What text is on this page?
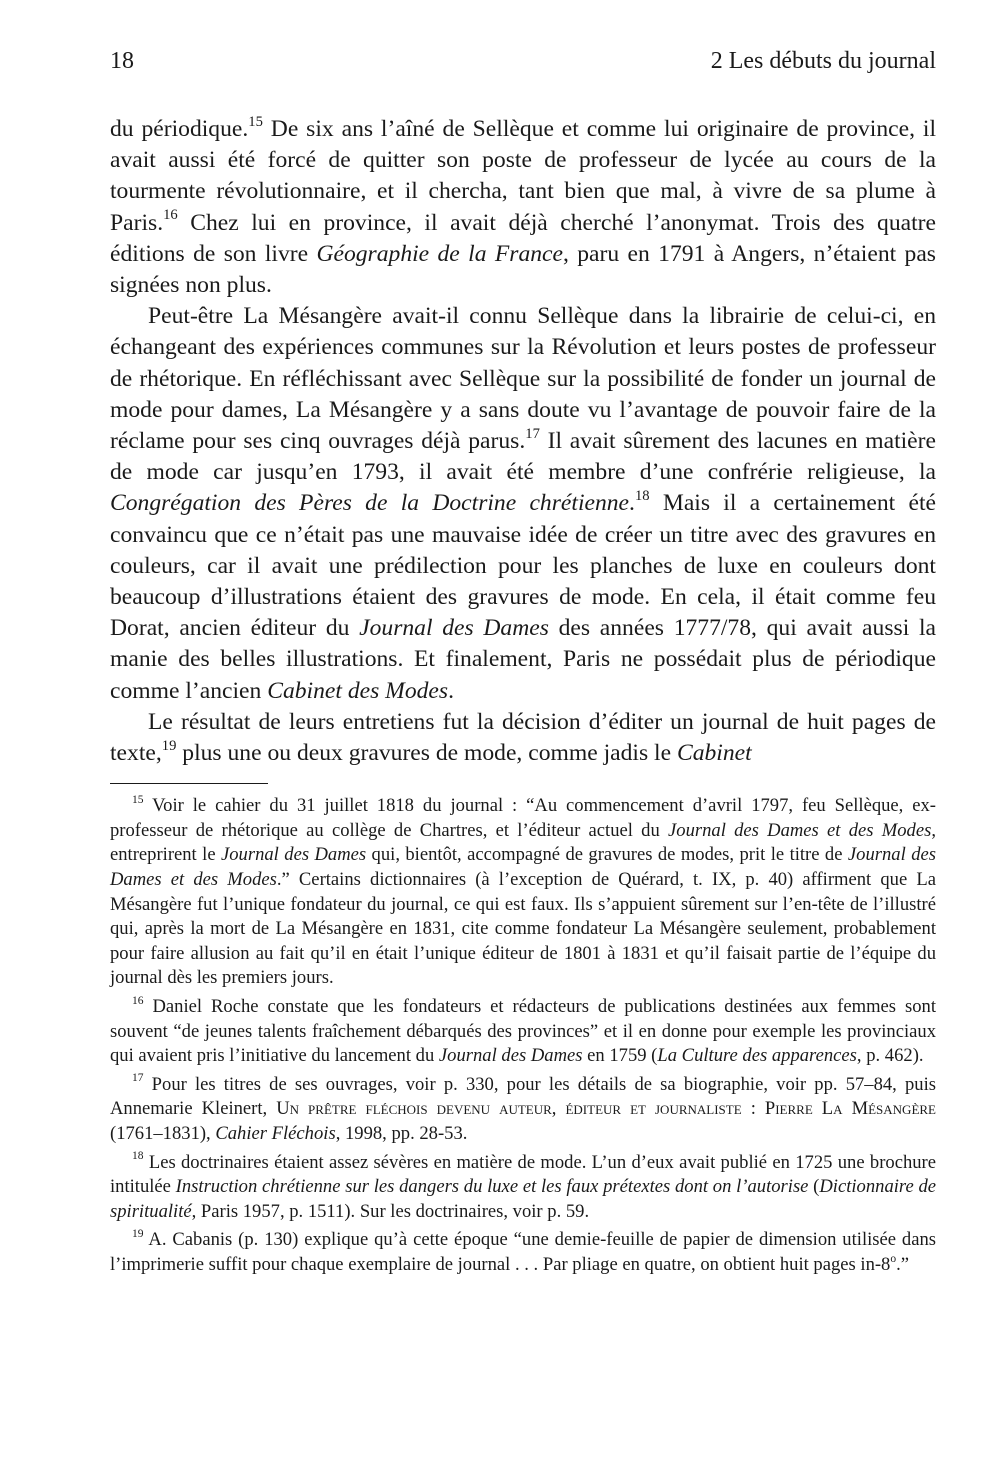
18	2 Les débuts du journal

du périodique.$^{15}$ De six ans l’aîné de Sellèque et comme lui originaire de province, il avait aussi été forcé de quitter son poste de professeur de lycée au cours de la tourmente révolutionnaire, et il chercha, tant bien que mal, à vivre de sa plume à Paris.$^{16}$ Chez lui en province, il avait déjà cherché l’anonymat. Trois des quatre éditions de son livre Géographie de la France, paru en 1791 à Angers, n’étaient pas signées non plus.

Peut-être La Mésangère avait-il connu Sellèque dans la librairie de celui-ci, en échangeant des expériences communes sur la Révolution et leurs postes de professeur de rhétorique. En réfléchissant avec Sellèque sur la possibilité de fonder un journal de mode pour dames, La Mésangère y a sans doute vu l’avantage de pouvoir faire de la réclame pour ses cinq ouvrages déjà parus.$^{17}$ Il avait sûrement des lacunes en matière de mode car jusqu’en 1793, il avait été membre d’une confrérie religieuse, la Congrégation des Pères de la Doctrine chrétienne.$^{18}$ Mais il a certainement été convaincu que ce n’était pas une mauvaise idée de créer un titre avec des gravures en couleurs, car il avait une prédilection pour les planches de luxe en couleurs dont beaucoup d’illustrations étaient des gravures de mode. En cela, il était comme feu Dorat, ancien éditeur du Journal des Dames des années 1777/78, qui avait aussi la manie des belles illustrations. Et finalement, Paris ne possédait plus de périodique comme l’ancien Cabinet des Modes.

Le résultat de leurs entretiens fut la décision d’éditer un journal de huit pages de texte,$^{19}$ plus une ou deux gravures de mode, comme jadis le Cabinet

$^{15}$ Voir le cahier du 31 juillet 1818 du journal : “Au commencement d’avril 1797, feu Sellèque, ex-professeur de rhétorique au collège de Chartres, et l’éditeur actuel du Journal des Dames et des Modes, entreprirent le Journal des Dames qui, bientôt, accompagné de gravures de modes, prit le titre de Journal des Dames et des Modes.” Certains dictionnaires (à l’exception de Quérard, t. IX, p. 40) affirment que La Mésangère fut l’unique fondateur du journal, ce qui est faux. Ils s’appuient sûrement sur l’en-tête de l’illustré qui, après la mort de La Mésangère en 1831, cite comme fondateur La Mésangère seulement, probablement pour faire allusion au fait qu’il en était l’unique éditeur de 1801 à 1831 et qu’il faisait partie de l’équipe du journal dès les premiers jours.

$^{16}$ Daniel Roche constate que les fondateurs et rédacteurs de publications destinées aux femmes sont souvent “de jeunes talents fraîchement débarqués des provinces” et il en donne pour exemple les provinciaux qui avaient pris l’initiative du lancement du Journal des Dames en 1759 (La Culture des apparences, p. 462).

$^{17}$ Pour les titres de ses ouvrages, voir p. 330, pour les détails de sa biographie, voir pp. 57–84, puis Annemarie Kleinert, Un prêtre fléchois devenu auteur, éditeur et journaliste : Pierre La Mésangère (1761–1831), Cahier Fléchois, 1998, pp. 28-53.

$^{18}$ Les doctrinaires étaient assez sévères en matière de mode. L’un d’eux avait publié en 1725 une brochure intitulée Instruction chrétienne sur les dangers du luxe et les faux prétextes dont on l’autorise (Dictionnaire de spiritualité, Paris 1957, p. 1511). Sur les doctrinaires, voir p. 59.

$^{19}$ A. Cabanis (p. 130) explique qu’à cette époque “une demie-feuille de papier de dimension utilisée dans l’imprimerie suffit pour chaque exemplaire de journal . . . Par pliage en quatre, on obtient huit pages in-8$^o$.”
